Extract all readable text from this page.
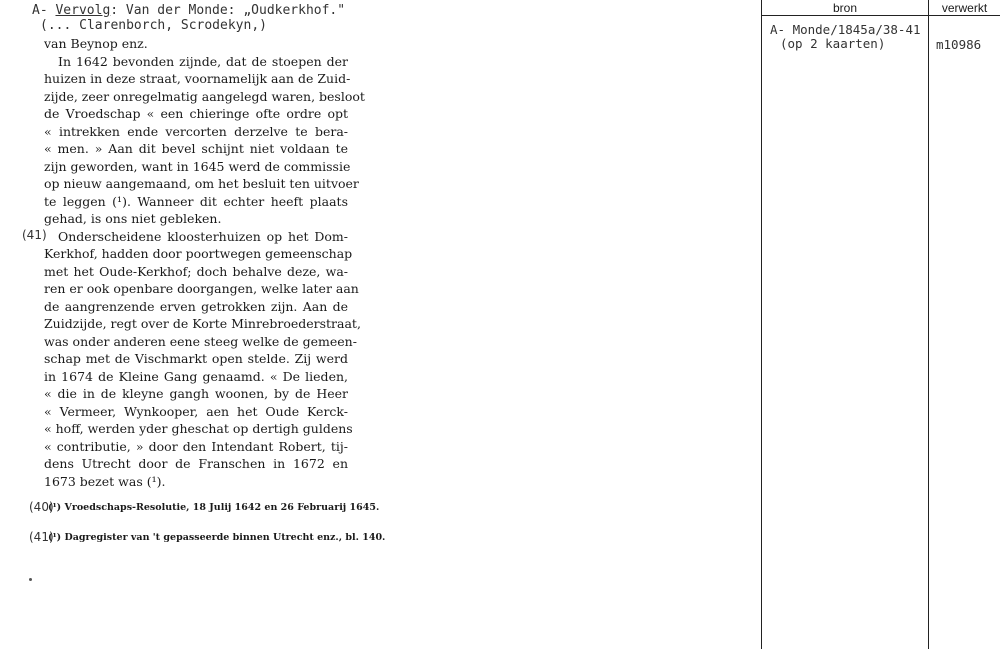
A- Vervolg: Van der Monde: „Oudkerkhof."
(... Clarenborch, Scrodekyn,)
van Beynop enz.
In 1642 bevonden zijnde, dat de stoepen der
huizen in deze straat, voornamelijk aan de Zuid-
zijde, zeer onregelmatig aangelegd waren, besloot
de Vroedschap « een chieringe ofte ordre opt
« intrekken ende vercorten derzelve te bera-
« men. » Aan dit bevel schijnt niet voldaan te
zijn geworden, want in 1645 werd de commissie
op nieuw aangemaand, om het besluit ten uitvoer
te leggen (¹). Wanneer dit echter heeft plaats
gehad, is ons niet gebleken.
Onderscheidene kloosterhuizen op het Dom-
Kerkhof, hadden door poortwegen gemeenschap
met het Oude-Kerkhof; doch behalve deze, wa-
ren er ook openbare doorgangen, welke later aan
de aangrenzende erven getrokken zijn. Aan de
Zuidzijde, regt over de Korte Minrebroederstraat,
was onder anderen eene steeg welke de gemeen-
schap met de Vischmarkt open stelde. Zij werd
in 1674 de Kleine Gang genaamd. « De lieden,
« die in de kleyne gangh woonen, by de Heer
« Vermeer, Wynkooper, aen het Oude Kerck-
« hoff, werden yder gheschat op dertigh guldens
« contributie, » door den Intendant Robert, tij-
dens Utrecht door de Franschen in 1672 en
1673 bezet was (¹).
(41)
(40)
(41)
(¹) Vroedschaps-Resolutie, 18 Julij 1642 en 26 Februarij 1645.
(¹) Dagregister van 't gepasseerde binnen Utrecht enz., bl. 140.
bron	verwerkt
A- Monde/1845a/38-41
(op 2 kaarten)	m10986
